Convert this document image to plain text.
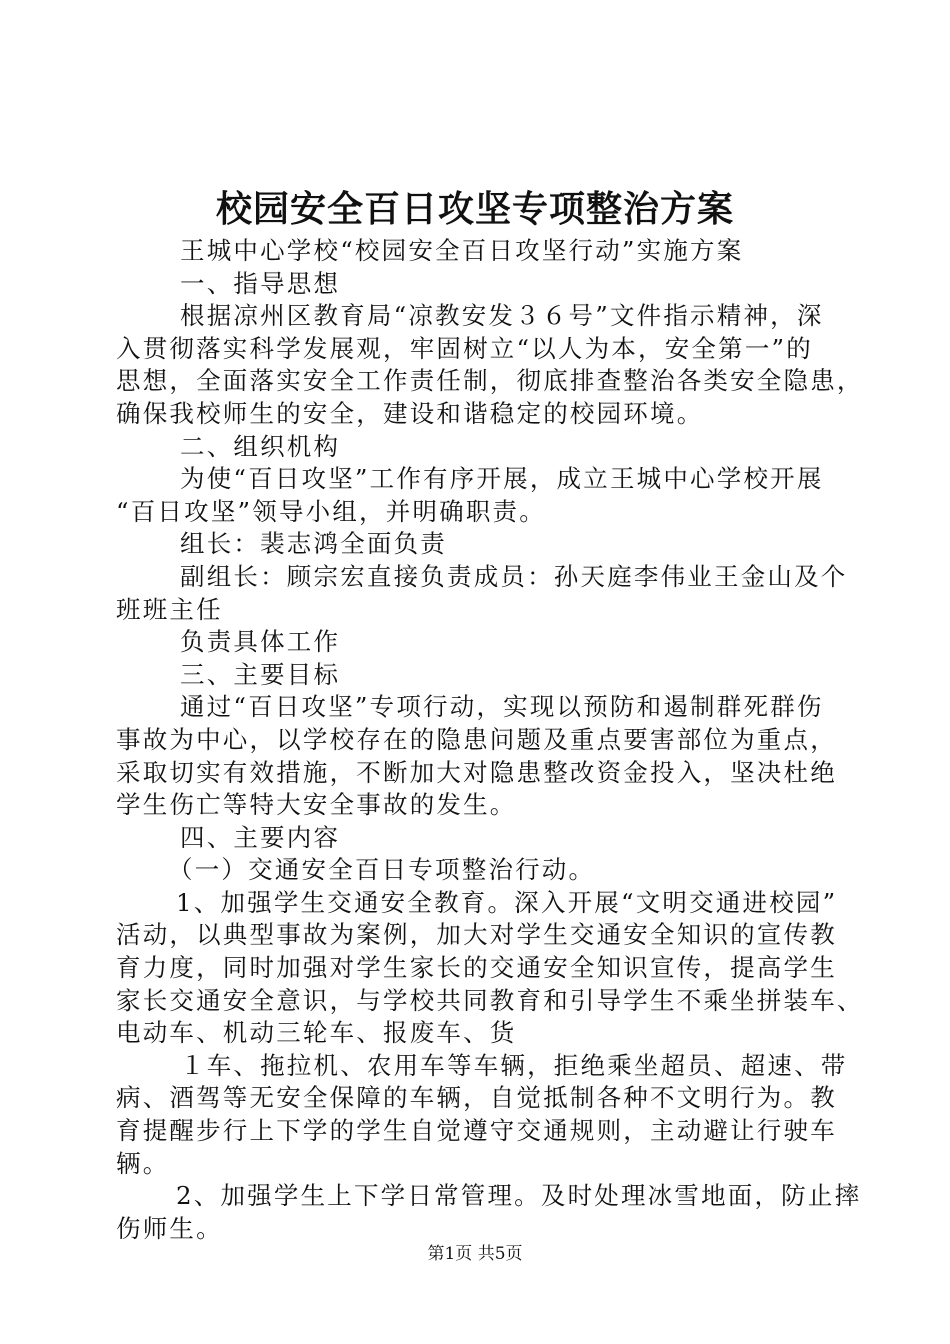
校园安全百日攻坚专项整治方案

王城中心学校“校园安全百日攻坚行动”实施方案

一、指导思想

根据凉州区教育局“凉教安发３６号”文件指示精神，深

入贯彻落实科学发展观，牢固树立“以人为本，安全第一”的

思想，全面落实安全工作责任制，彻底排查整治各类安全隐患，

确保我校师生的安全，建设和谐稳定的校园环境。

二、组织机构

为使“百日攻坚”工作有序开展，成立王城中心学校开展

“百日攻坚”领导小组，并明确职责。

组长：裴志鸿全面负责

副组长：顾宗宏直接负责成员：孙天庭李伟业王金山及个

班班主任

负责具体工作

三、主要目标

通过“百日攻坚”专项行动，实现以预防和遏制群死群伤

事故为中心，以学校存在的隐患问题及重点要害部位为重点，

采取切实有效措施，不断加大对隐患整改资金投入，坚决杜绝

学生伤亡等特大安全事故的发生。

四、主要内容

（一）交通安全百日专项整治行动。

1、加强学生交通安全教育。深入开展“文明交通进校园”

活动，以典型事故为案例，加大对学生交通安全知识的宣传教

育力度，同时加强对学生家长的交通安全知识宣传，提高学生

家长交通安全意识，与学校共同教育和引导学生不乘坐拼装车、

电动车、机动三轮车、报废车、货

１车、拖拉机、农用车等车辆，拒绝乘坐超员、超速、带

病、酒驾等无安全保障的车辆，自觉抵制各种不文明行为。教

育提醒步行上下学的学生自觉遵守交通规则，主动避让行驶车

辆。

2、加强学生上下学日常管理。及时处理冰雪地面，防止摔

伤师生。

第1页 共5页
